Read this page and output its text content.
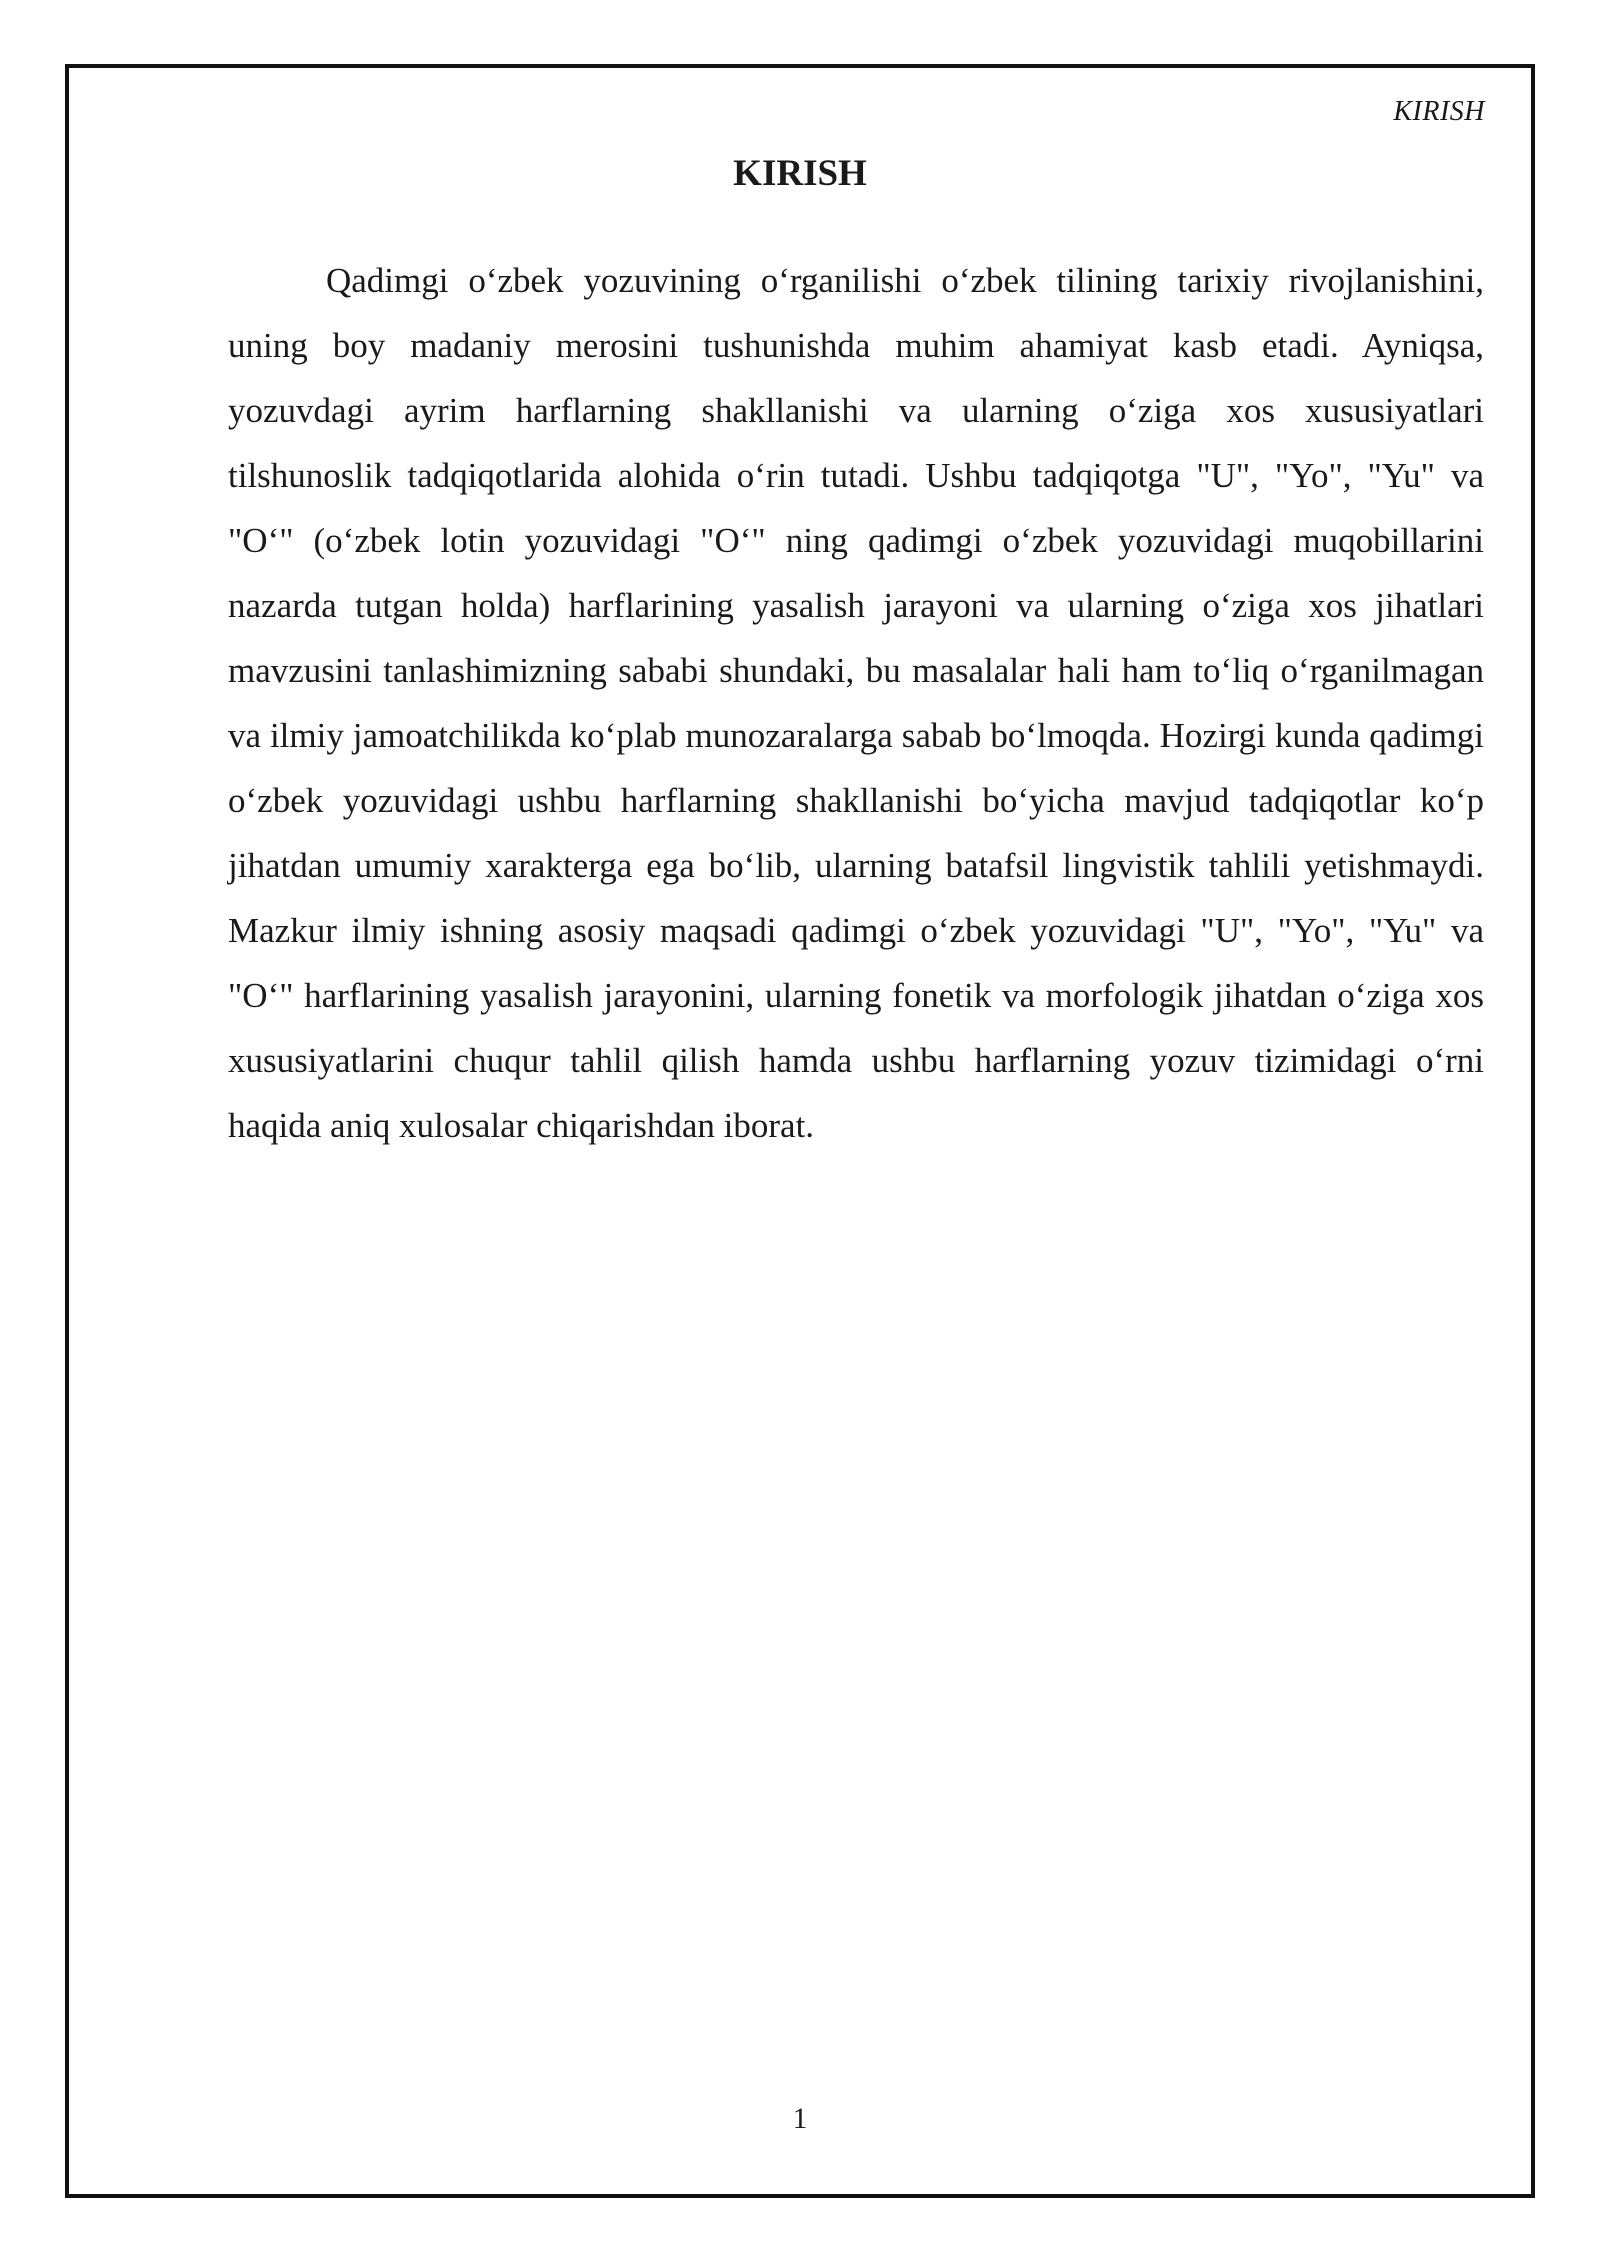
KIRISH
KIRISH

Qadimgi o‘zbek yozuvining o‘rganilishi o‘zbek tilining tarixiy rivojlanishini, uning boy madaniy merosini tushunishda muhim ahamiyat kasb etadi. Ayniqsa, yozuvdagi ayrim harflarning shakllanishi va ularning o‘ziga xos xususiyatlari tilshunoslik tadqiqotlarida alohida o‘rin tutadi. Ushbu tadqiqotga "U", "Yo", "Yu" va "O‘" (o‘zbek lotin yozuvidagi "O‘" ning qadimgi o‘zbek yozuvidagi muqobillarini nazarda tutgan holda) harflarining yasalish jarayoni va ularning o‘ziga xos jihatlari mavzusini tanlashimizning sababi shundaki, bu masalalar hali ham to‘liq o‘rganilmagan va ilmiy jamoatchilikda ko‘plab munozaralarga sabab bo‘lmoqda. Hozirgi kunda qadimgi o‘zbek yozuvidagi ushbu harflarning shakllanishi bo‘yicha mavjud tadqiqotlar ko‘p jihatdan umumiy xarakterga ega bo‘lib, ularning batafsil lingvistik tahlili yetishmaydi. Mazkur ilmiy ishning asosiy maqsadi qadimgi o‘zbek yozuvidagi "U", "Yo", "Yu" va "O‘" harflarining yasalish jarayonini, ularning fonetik va morfologik jihatdan o‘ziga xos xususiyatlarini chuqur tahlil qilish hamda ushbu harflarning yozuv tizimidagi o‘rni haqida aniq xulosalar chiqarishdan iborat.

1
